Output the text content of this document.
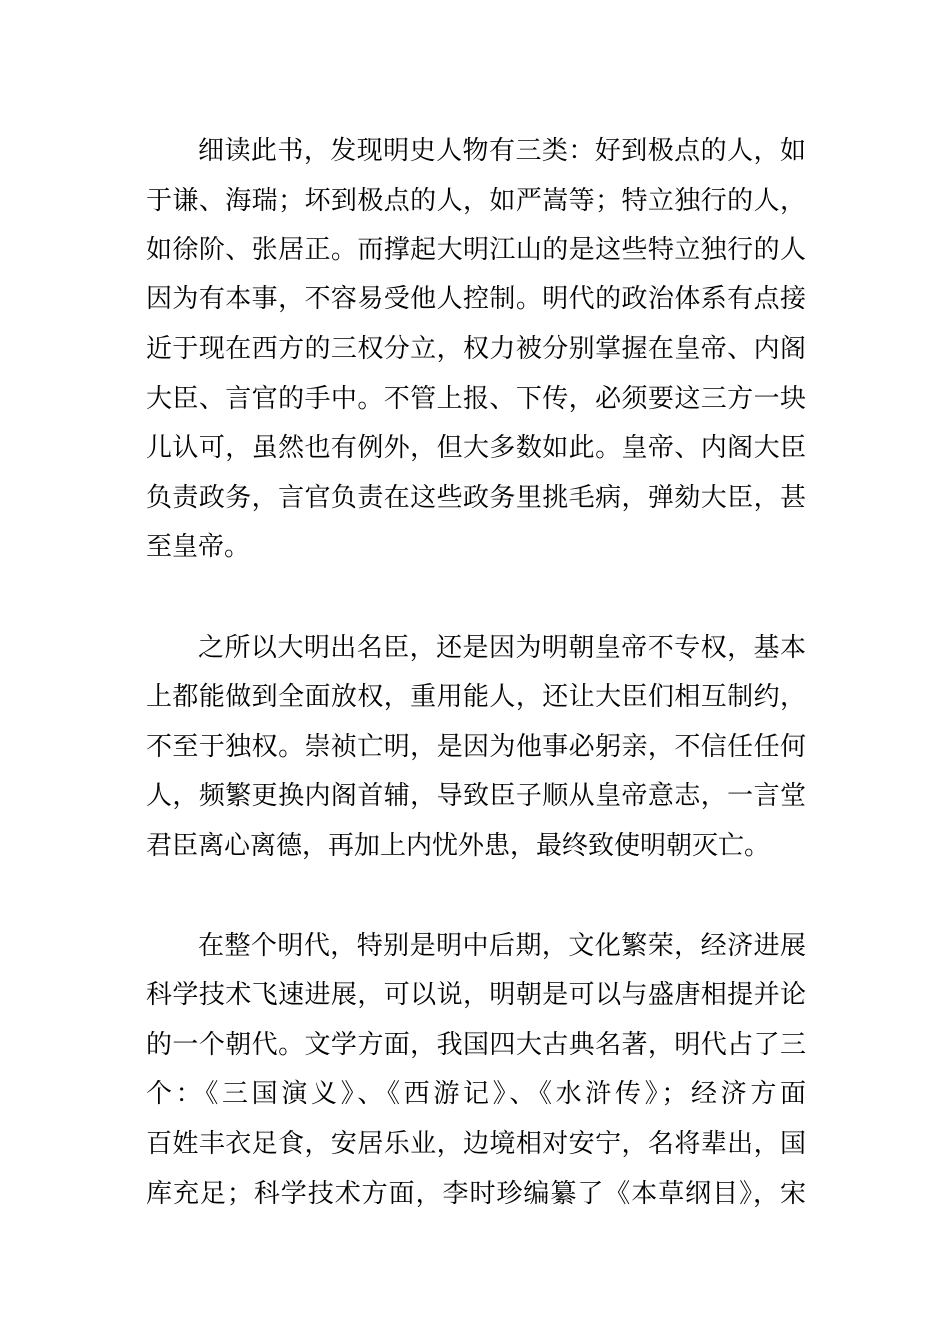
细读此书，发现明史人物有三类：好到极点的人，如
于谦、海瑞；坏到极点的人，如严嵩等；特立独行的人，
如徐阶、张居正。而撑起大明江山的是这些特立独行的人
因为有本事，不容易受他人控制。明代的政治体系有点接
近于现在西方的三权分立，权力被分别掌握在皇帝、内阁
大臣、言官的手中。不管上报、下传，必须要这三方一块
儿认可，虽然也有例外，但大多数如此。皇帝、内阁大臣
负责政务，言官负责在这些政务里挑毛病，弹劾大臣，甚
至皇帝。
之所以大明出名臣，还是因为明朝皇帝不专权，基本
上都能做到全面放权，重用能人，还让大臣们相互制约，
不至于独权。崇祯亡明，是因为他事必躬亲，不信任任何
人，频繁更换内阁首辅，导致臣子顺从皇帝意志，一言堂
君臣离心离德，再加上内忧外患，最终致使明朝灭亡。
在整个明代，特别是明中后期，文化繁荣，经济进展
科学技术飞速进展，可以说，明朝是可以与盛唐相提并论
的一个朝代。文学方面，我国四大古典名著，明代占了三
个：《三国演义》、《西游记》、《水浒传》；经济方面
百姓丰衣足食，安居乐业，边境相对安宁，名将辈出，国
库充足；科学技术方面，李时珍编纂了《本草纲目》，宋
